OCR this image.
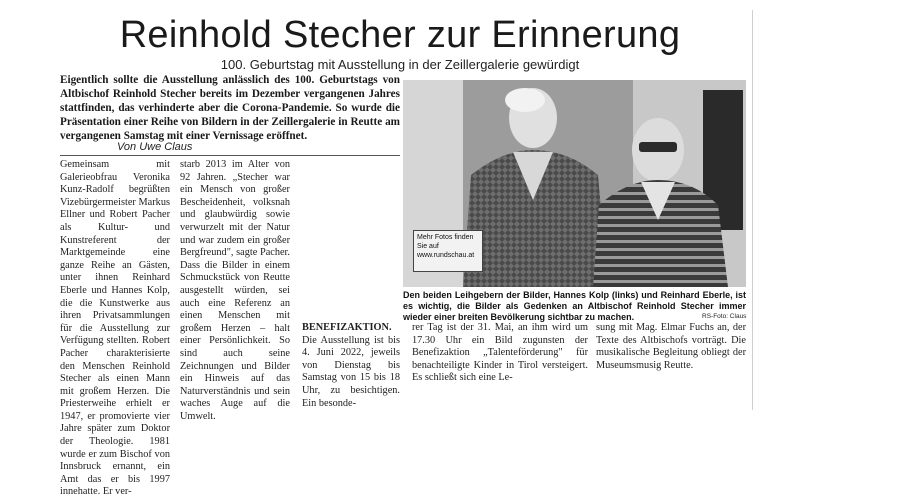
Reinhold Stecher zur Erinnerung
100. Geburtstag mit Ausstellung in der Zeillergalerie gewürdigt
Eigentlich sollte die Ausstellung anlässlich des 100. Geburtstags von Altbischof Reinhold Stecher bereits im Dezember vergangenen Jahres stattfinden, das verhinderte aber die Corona-Pandemie. So wurde die Präsentation einer Reihe von Bildern in der Zeillergalerie in Reutte am vergangenen Samstag mit einer Vernissage eröffnet.
Von Uwe Claus

Gemeinsam mit Galerieobfrau Veronika Kunz-Radolf begrüßten Vizebürgermeister Markus Ellner und Robert Pacher als Kultur- und Kunstreferent der Marktgemeinde eine ganze Reihe an Gästen, unter ihnen Reinhard Eberle und Hannes Kolp, die die Kunstwerke aus ihren Privatsammlungen für die Ausstellung zur Verfügung stellten. Robert Pacher charakterisierte den Menschen Reinhold Stecher als einen Mann mit großem Herzen. Die Priesterweihe erhielt er 1947, er promovierte vier Jahre später zum Doktor der Theologie. 1981 wurde er zum Bischof von Innsbruck ernannt, ein Amt das er bis 1997 innehatte. Er ver-

starb 2013 im Alter von 92 Jahren. „Stecher war ein Mensch von großer Bescheidenheit, volksnah und glaubwürdig sowie verwurzelt mit der Natur und war zudem ein großer Bergfreund", sagte Pacher. Dass die Bilder in einem Schmuckstück von Reutte ausgestellt würden, sei auch eine Referenz an einen Menschen mit großem Herzen – halt einer Persönlichkeit. So sind auch seine Zeichnungen und Bilder ein Hinweis auf das Naturverständnis und sein waches Auge auf die Umwelt.

BENEFIZAKTION. Die Ausstellung ist bis 4. Juni 2022, jeweils von Dienstag bis Samstag von 15 bis 18 Uhr, zu besichtigen. Ein besonde-

rer Tag ist der 31. Mai, an ihm wird um 17.30 Uhr ein Bild zugunsten der Benefizaktion „Talenteförderung" für benachteiligte Kinder in Tirol versteigert. Es schließt sich eine Le-

sung mit Mag. Elmar Fuchs an, der Texte des Altbischofs vorträgt. Die musikalische Begleitung obliegt der Museumsmusig Reutte.

Mehr Fotos finden Sie auf www.rundschau.at
Den beiden Leihgebern der Bilder, Hannes Kolp (links) und Reinhard Eberle, ist es wichtig, die Bilder als Gedenken an Altbischof Reinhold Stecher immer wieder einer breiten Bevölkerung sichtbar zu machen.	RS-Foto: Claus
